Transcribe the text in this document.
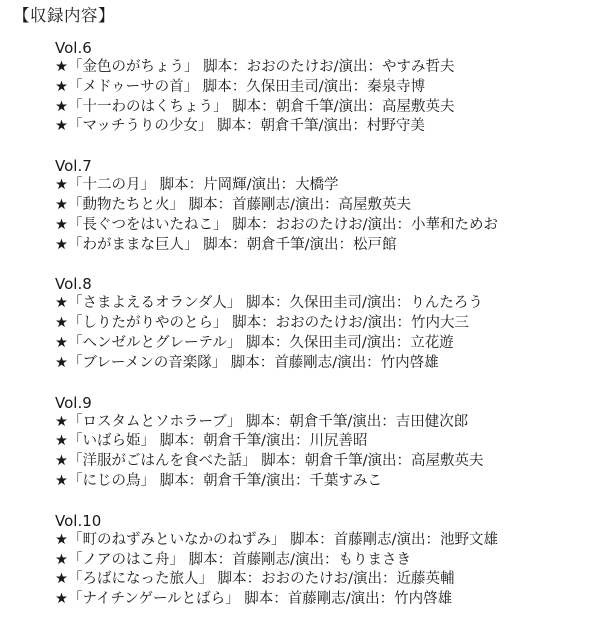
【収録内容】
Vol.6
★「金色のがちょう」 脚本：おおのたけお/演出：やすみ哲夫
★「メドゥーサの首」 脚本：久保田圭司/演出：秦泉寺博
★「十一わのはくちょう」 脚本：朝倉千筆/演出：高屋敷英夫
★「マッチうりの少女」 脚本：朝倉千筆/演出：村野守美
Vol.7
★「十二の月」 脚本：片岡輝/演出：大橋学
★「動物たちと火」 脚本：首藤剛志/演出：高屋敷英夫
★「長ぐつをはいたねこ」 脚本：おおのたけお/演出：小華和ためお
★「わがままな巨人」 脚本：朝倉千筆/演出：松戸館
Vol.8
★「さまよえるオランダ人」 脚本：久保田圭司/演出：りんたろう
★「しりたがりやのとら」 脚本：おおのたけお/演出：竹内大三
★「ヘンゼルとグレーテル」 脚本：久保田圭司/演出：立花遊
★「ブレーメンの音楽隊」 脚本：首藤剛志/演出：竹内啓雄
Vol.9
★「ロスタムとソホラーブ」 脚本：朝倉千筆/演出：吉田健次郎
★「いばら姫」 脚本：朝倉千筆/演出：川尻善昭
★「洋服がごはんを食べた話」 脚本：朝倉千筆/演出：高屋敷英夫
★「にじの鳥」 脚本：朝倉千筆/演出：千葉すみこ
Vol.10
★「町のねずみといなかのねずみ」 脚本：首藤剛志/演出：池野文雄
★「ノアのはこ舟」 脚本：首藤剛志/演出：もりまさき
★「ろばになった旅人」 脚本：おおのたけお/演出：近藤英輔
★「ナイチンゲールとばら」 脚本：首藤剛志/演出：竹内啓雄
